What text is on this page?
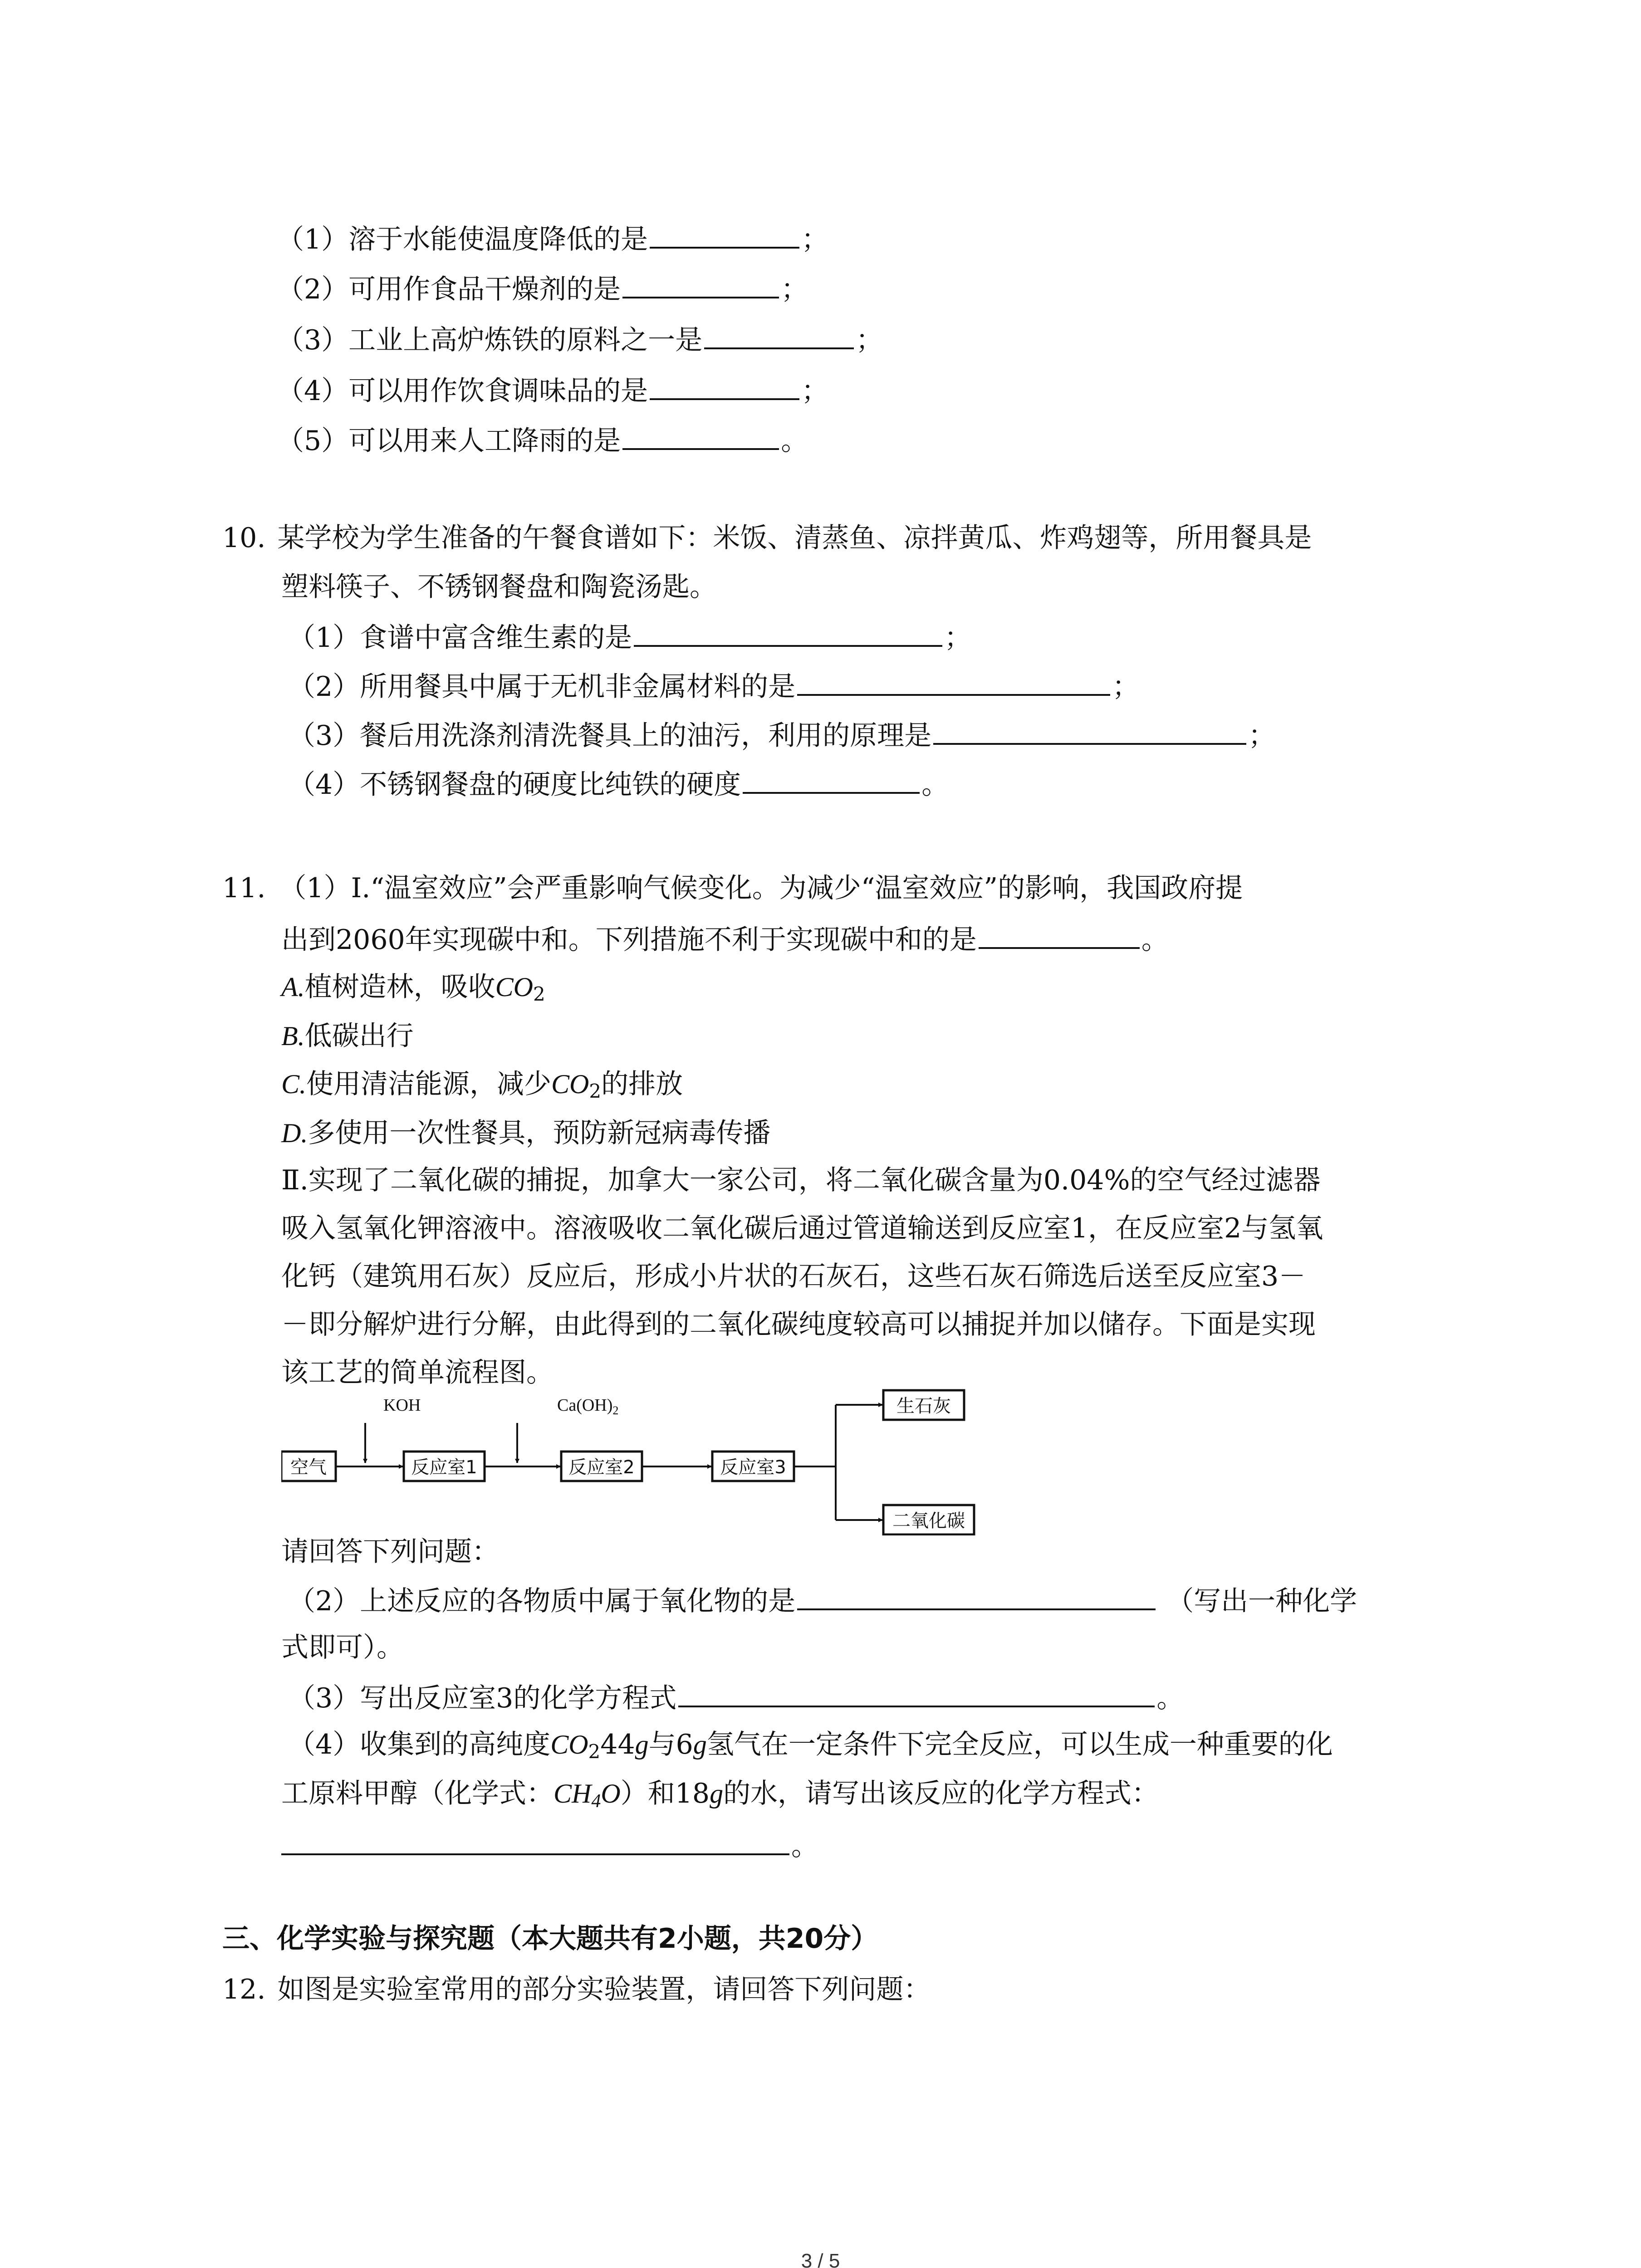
（1）溶于水能使温度降低的是	；
（2）可用作食品干燥剂的是	；
（3）工业上高炉炼铁的原料之一是	；
（4）可以用作饮食调味品的是	；
（5）可以用来人工降雨的是	。
10. 某学校为学生准备的午餐食谱如下：米饭、清蒸鱼、凉拌黄瓜、炸鸡翅等，所用餐具是
塑料筷子、不锈钢餐盘和陶瓷汤匙。
（1）食谱中富含维生素的是	；
（2）所用餐具中属于无机非金属材料的是	；
（3）餐后用洗涤剂清洗餐具上的油污，利用的原理是	；
（4）不锈钢餐盘的硬度比纯铁的硬度	。
11. （1）Ⅰ.“温室效应”会严重影响气候变化。为减少“温室效应”的影响，我国政府提
出到2060年实现碳中和。下列措施不利于实现碳中和的是	。
A.植树造林，吸收$CO_2$
B.低碳出行
C.使用清洁能源，减少$CO_2$的排放
D.多使用一次性餐具，预防新冠病毒传播
Ⅱ.实现了二氧化碳的捕捉，加拿大一家公司，将二氧化碳含量为0.04%的空气经过滤器
吸入氢氧化钾溶液中。溶液吸收二氧化碳后通过管道输送到反应室1，在反应室2与氢氧
化钙（建筑用石灰）反应后，形成小片状的石灰石，这些石灰石筛选后送至反应室3－
－即分解炉进行分解，由此得到的二氧化碳纯度较高可以捕捉并加以储存。下面是实现
该工艺的简单流程图。
空气
KOH
反应室1
$Ca(OH)_2$
反应室2	反应室3
生石灰
二氧化碳
请回答下列问题：
（2）上述反应的各物质中属于氧化物的是	（写出一种化学
式即可）。
（3）写出反应室3的化学方程式	。
（4）收集到的高纯度$CO_244g$与6g氢气在一定条件下完全反应，可以生成一种重要的化
工原料甲醇（化学式：$CH_4O$）和18g的水，请写出该反应的化学方程式：
。
三、化学实验与探究题（本大题共有2小题，共20分）
12. 如图是实验室常用的部分实验装置，请回答下列问题：
3 / 5
